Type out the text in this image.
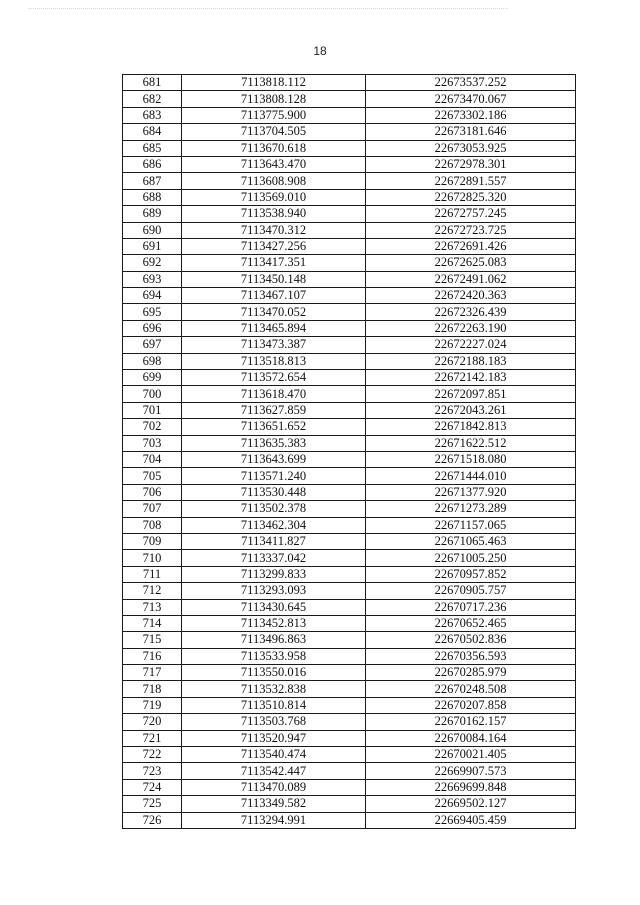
18
681	7113818.112	22673537.252
682	7113808.128	22673470.067
683	7113775.900	22673302.186
684	7113704.505	22673181.646
685	7113670.618	22673053.925
686	7113643.470	22672978.301
687	7113608.908	22672891.557
688	7113569.010	22672825.320
689	7113538.940	22672757.245
690	7113470.312	22672723.725
691	7113427.256	22672691.426
692	7113417.351	22672625.083
693	7113450.148	22672491.062
694	7113467.107	22672420.363
695	7113470.052	22672326.439
696	7113465.894	22672263.190
697	7113473.387	22672227.024
698	7113518.813	22672188.183
699	7113572.654	22672142.183
700	7113618.470	22672097.851
701	7113627.859	22672043.261
702	7113651.652	22671842.813
703	7113635.383	22671622.512
704	7113643.699	22671518.080
705	7113571.240	22671444.010
706	7113530.448	22671377.920
707	7113502.378	22671273.289
708	7113462.304	22671157.065
709	7113411.827	22671065.463
710	7113337.042	22671005.250
711	7113299.833	22670957.852
712	7113293.093	22670905.757
713	7113430.645	22670717.236
714	7113452.813	22670652.465
715	7113496.863	22670502.836
716	7113533.958	22670356.593
717	7113550.016	22670285.979
718	7113532.838	22670248.508
719	7113510.814	22670207.858
720	7113503.768	22670162.157
721	7113520.947	22670084.164
722	7113540.474	22670021.405
723	7113542.447	22669907.573
724	7113470.089	22669699.848
725	7113349.582	22669502.127
726	7113294.991	22669405.459
